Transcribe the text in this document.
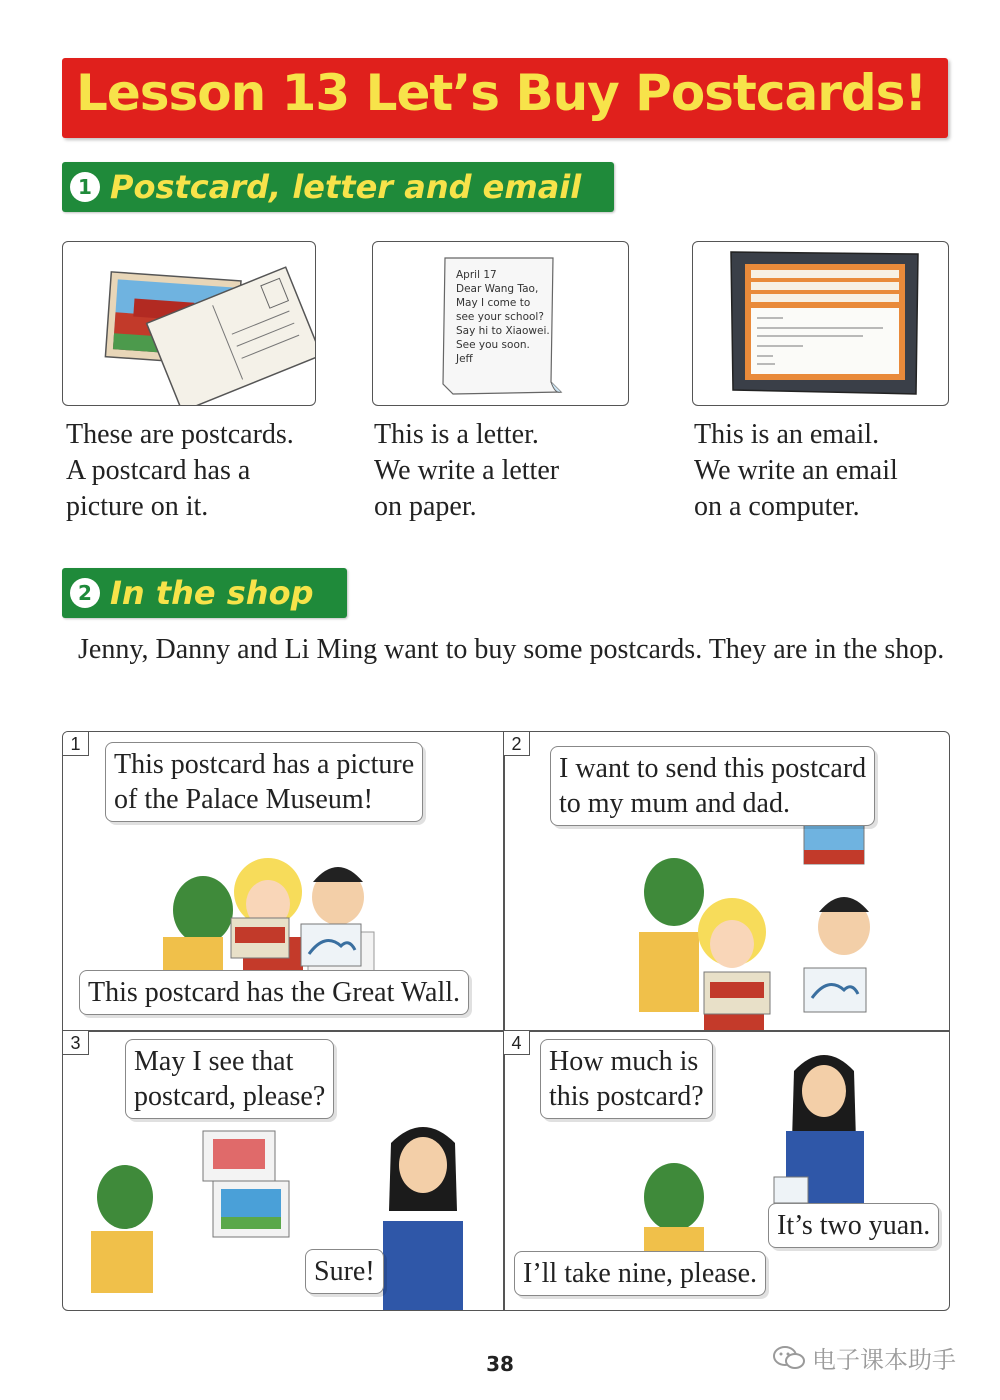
Lesson 13 Let’s Buy Postcards!
1 Postcard, letter and email
April 17
Dear Wang Tao,
May I come to
see your school?
Say hi to Xiaowei.
See you soon.
Jeff
These are postcards.
A postcard has a
picture on it.
This is a letter.
We write a letter
on paper.
This is an email.
We write an email
on a computer.
2 In the shop
Jenny, Danny and Li Ming want to buy some postcards. They are in the shop.
1
This postcard has a picture
of the Palace Museum!
This postcard has the Great Wall.
2
I want to send this postcard
to my mum and dad.
3
May I see that
postcard, please?
Sure!
4
How much is
this postcard?
It’s two yuan.
I’ll take nine, please.
38	电子课本助手
